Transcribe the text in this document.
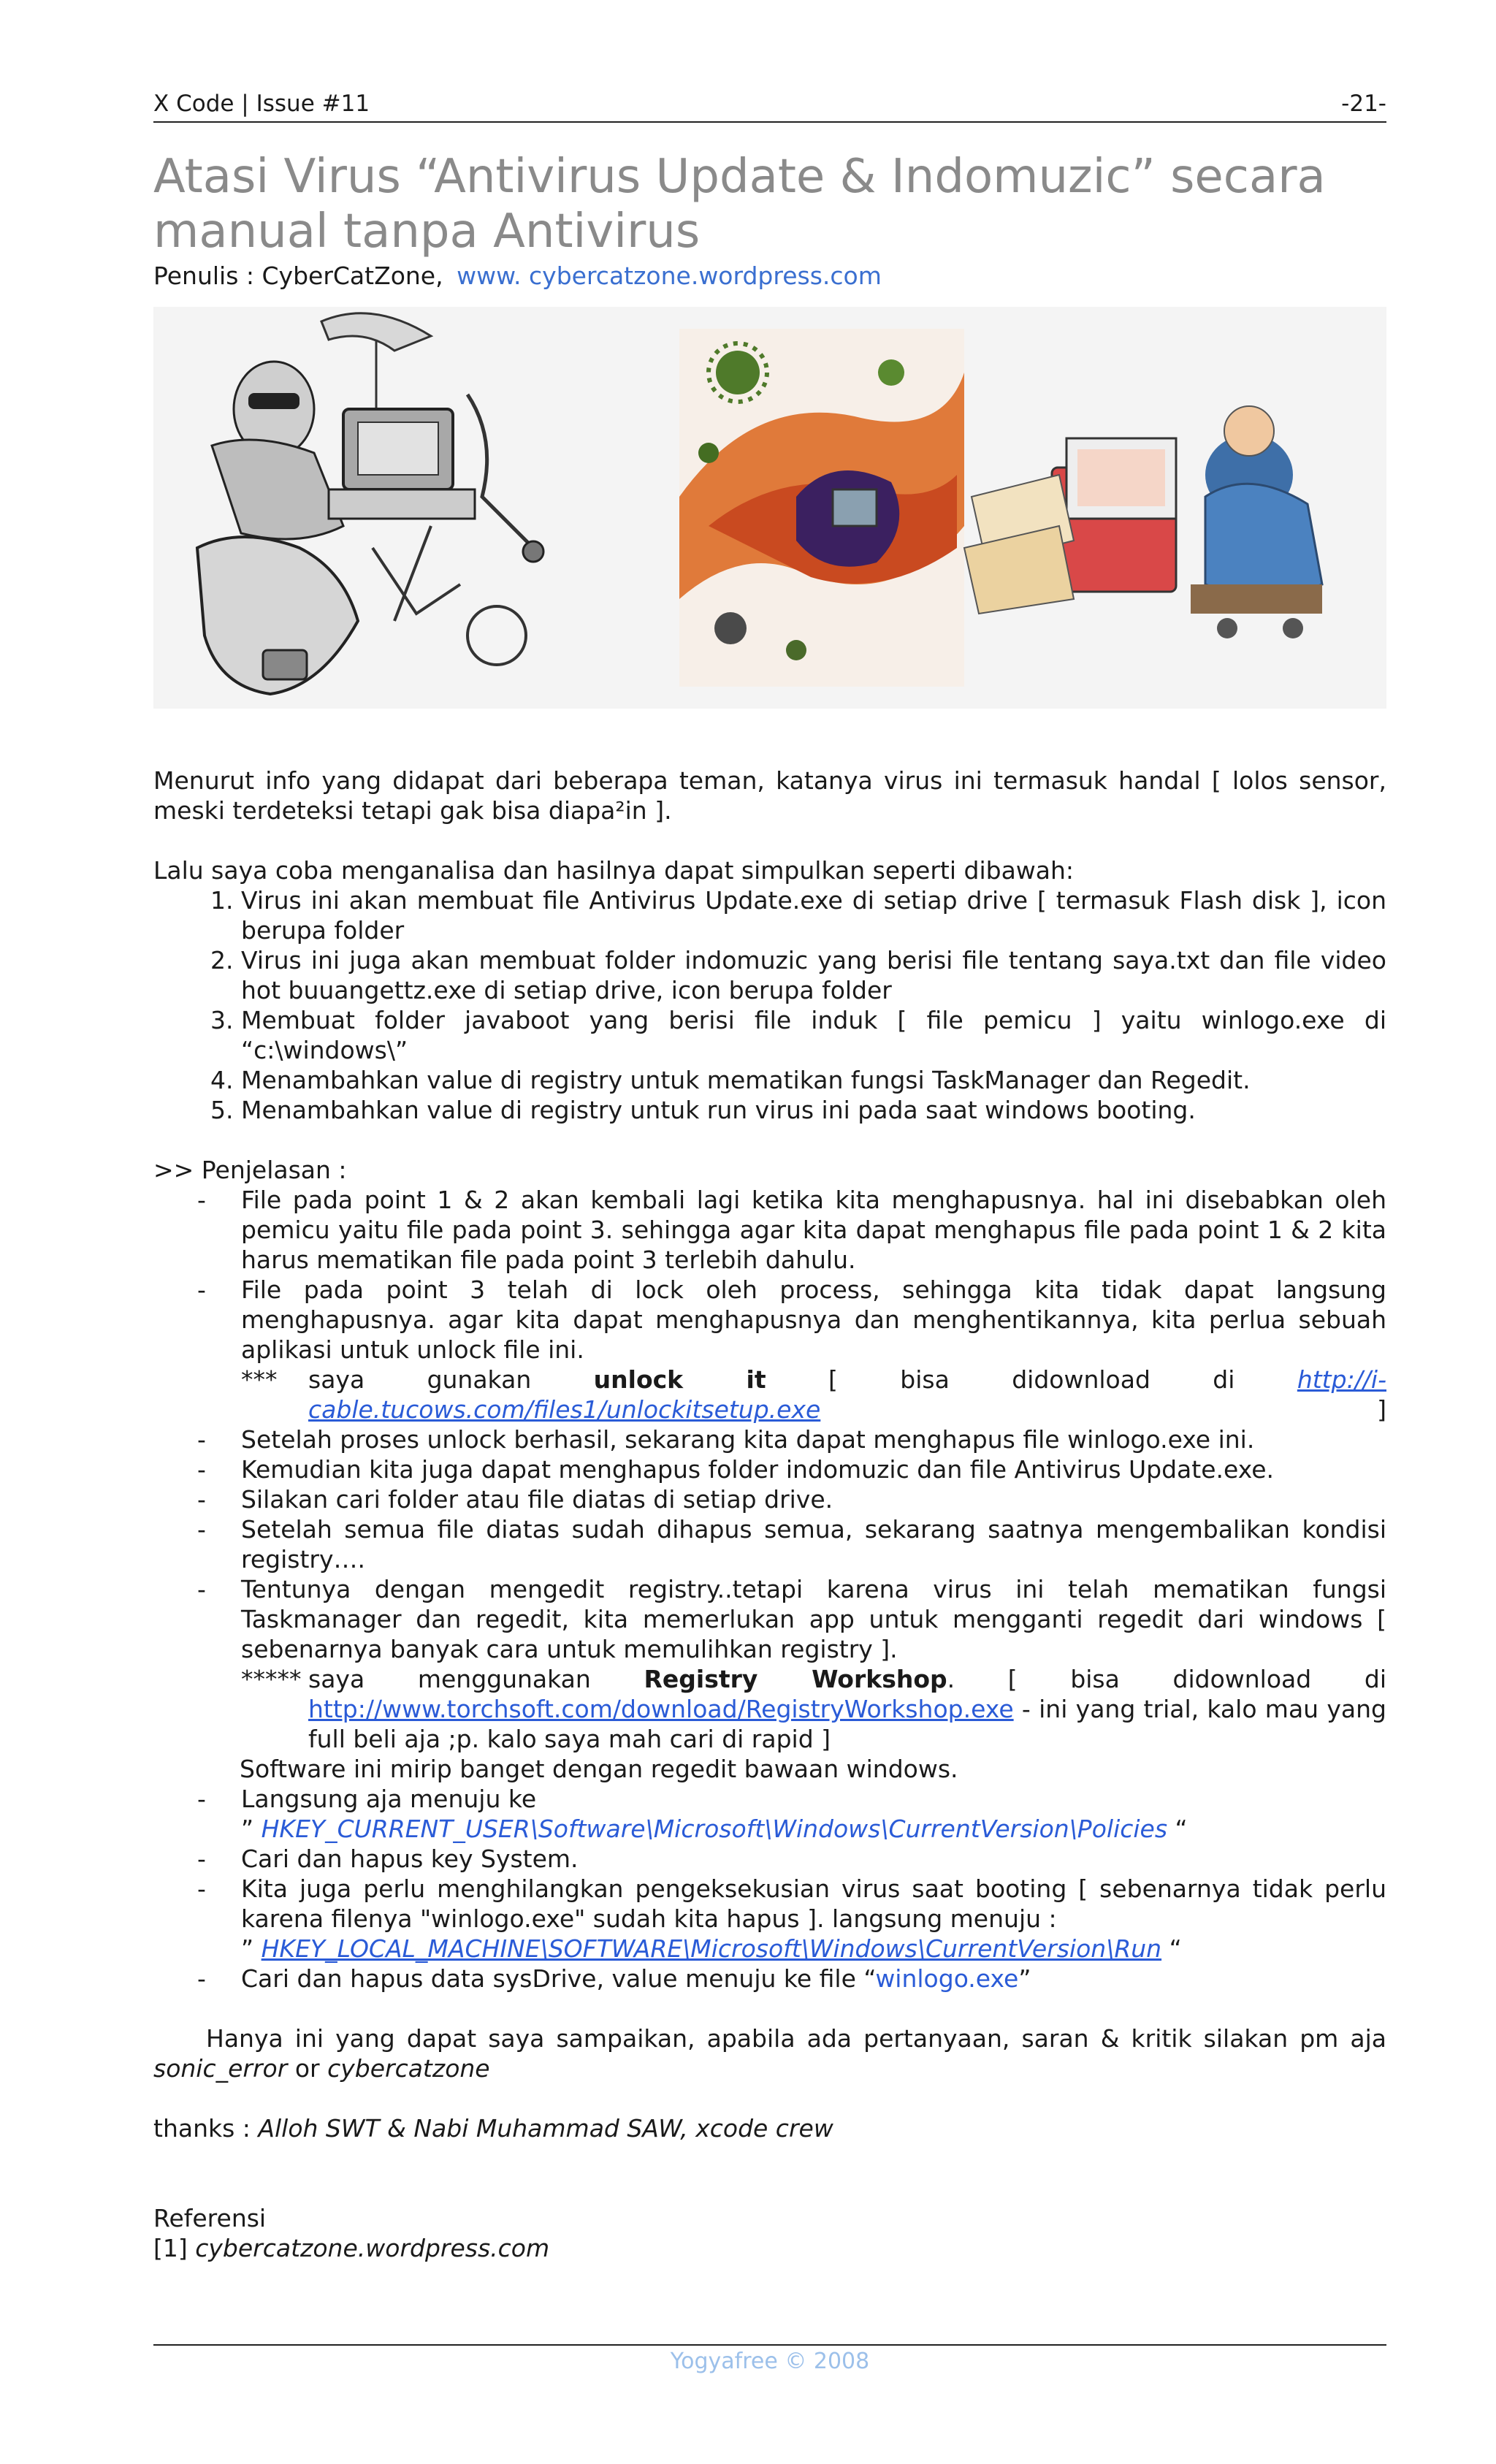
X Code | Issue #11	-21-
Atasi Virus “Antivirus Update & Indomuzic” secara manual tanpa Antivirus
Penulis : CyberCatZone, www. cybercatzone.wordpress.com

Menurut info yang didapat dari beberapa teman, katanya virus ini termasuk handal [ lolos sensor, meski terdeteksi tetapi gak bisa diapa²in ].

Lalu saya coba menganalisa dan hasilnya dapat simpulkan seperti dibawah:

1. Virus ini akan membuat file Antivirus Update.exe di setiap drive [ termasuk Flash disk ], icon berupa folder
2. Virus ini juga akan membuat folder indomuzic yang berisi file tentang saya.txt dan file video hot buuangettz.exe di setiap drive, icon berupa folder
3. Membuat folder javaboot yang berisi file induk [ file pemicu ] yaitu winlogo.exe di “c:\windows\”
4. Menambahkan value di registry untuk mematikan fungsi TaskManager dan Regedit.
5. Menambahkan value di registry untuk run virus ini pada saat windows booting.

>> Penjelasan :

- File pada point 1 & 2 akan kembali lagi ketika kita menghapusnya. hal ini disebabkan oleh pemicu yaitu file pada point 3. sehingga agar kita dapat menghapus file pada point 1 & 2 kita harus mematikan file pada point 3 terlebih dahulu.
- File pada point 3 telah di lock oleh process, sehingga kita tidak dapat langsung menghapusnya. agar kita dapat menghapusnya dan menghentikannya, kita perlua sebuah aplikasi untuk unlock file ini.
*** saya gunakan	unlock it	[ bisa didownload di	http://i-cable.tucows.com/files1/unlockitsetup.exe	]
- Setelah proses unlock berhasil, sekarang kita dapat menghapus file winlogo.exe ini.
- Kemudian kita juga dapat menghapus folder indomuzic dan file Antivirus Update.exe.
- Silakan cari folder atau file diatas di setiap drive.
- Setelah semua file diatas sudah dihapus semua, sekarang saatnya mengembalikan kondisi registry….
- Tentunya dengan mengedit registry..tetapi karena virus ini telah mematikan fungsi Taskmanager dan regedit, kita memerlukan app untuk mengganti regedit dari windows [ sebenarnya banyak cara untuk memulihkan registry ].
***** saya menggunakan Registry Workshop. [ bisa didownload di
http://www.torchsoft.com/download/RegistryWorkshop.exe - ini yang trial, kalo mau yang full beli aja ;p. kalo saya mah cari di rapid ]
Software ini mirip banget dengan regedit bawaan windows.
- Langsung aja menuju ke
” HKEY_CURRENT_USER\Software\Microsoft\Windows\CurrentVersion\Policies “
- Cari dan hapus key System.
- Kita juga perlu menghilangkan pengeksekusian virus saat booting [ sebenarnya tidak perlu karena filenya "winlogo.exe" sudah kita hapus ]. langsung menuju :
” HKEY_LOCAL_MACHINE\SOFTWARE\Microsoft\Windows\CurrentVersion\Run “
- Cari dan hapus data sysDrive, value menuju ke file “winlogo.exe”

Hanya ini yang dapat saya sampaikan, apabila ada pertanyaan, saran & kritik silakan pm aja sonic_error or cybercatzone

thanks : Alloh SWT & Nabi Muhammad SAW, xcode crew

Referensi

[1] cybercatzone.wordpress.com

Yogyafree © 2008
